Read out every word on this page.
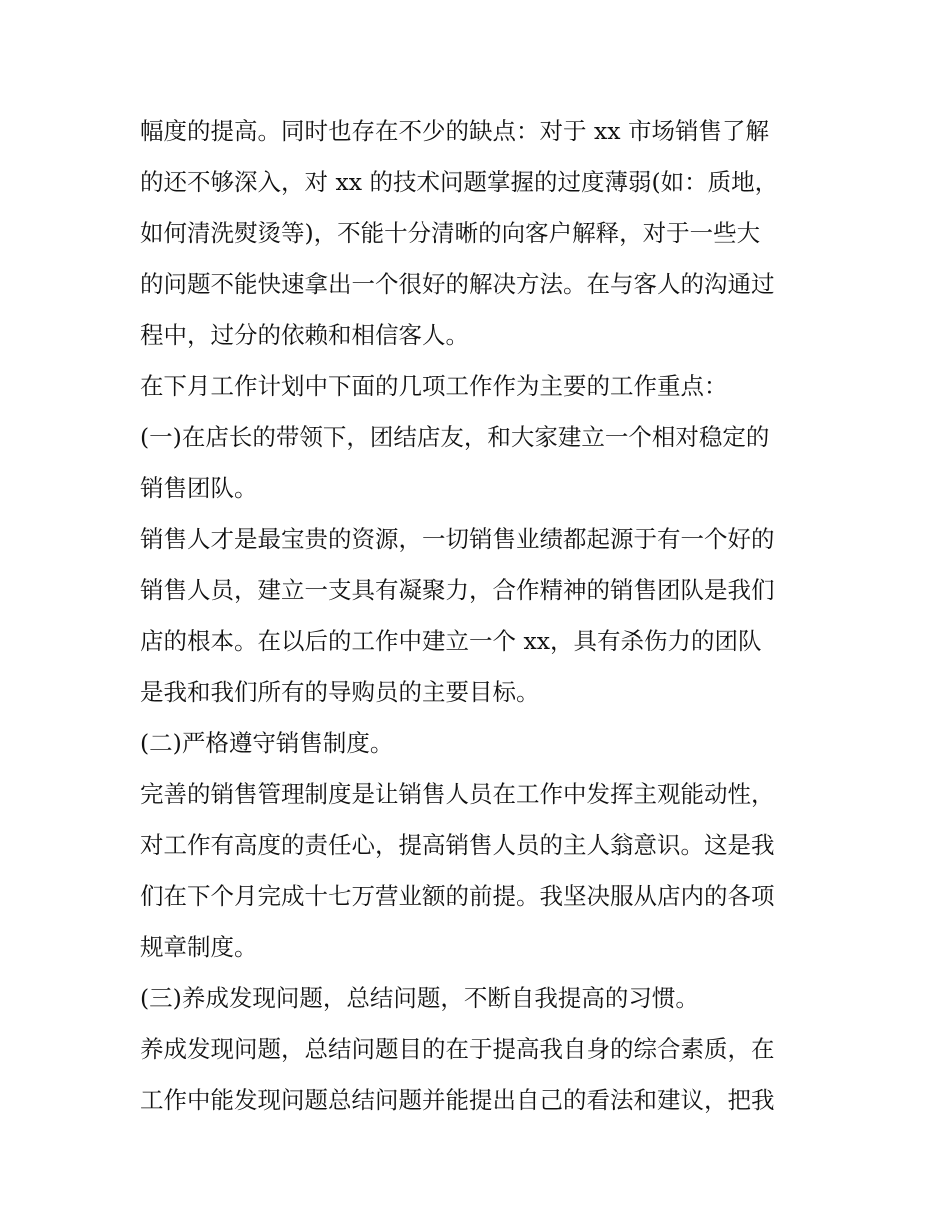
幅度的提高。同时也存在不少的缺点：对于 xx 市场销售了解
的还不够深入，对 xx 的技术问题掌握的过度薄弱(如：质地，
如何清洗熨烫等)，不能十分清晰的向客户解释，对于一些大
的问题不能快速拿出一个很好的解决方法。在与客人的沟通过
程中，过分的依赖和相信客人。
在下月工作计划中下面的几项工作作为主要的工作重点：
(一)在店长的带领下，团结店友，和大家建立一个相对稳定的
销售团队。
销售人才是最宝贵的资源，一切销售业绩都起源于有一个好的
销售人员，建立一支具有凝聚力，合作精神的销售团队是我们
店的根本。在以后的工作中建立一个 xx，具有杀伤力的团队
是我和我们所有的导购员的主要目标。
(二)严格遵守销售制度。
完善的销售管理制度是让销售人员在工作中发挥主观能动性，
对工作有高度的责任心，提高销售人员的主人翁意识。这是我
们在下个月完成十七万营业额的前提。我坚决服从店内的各项
规章制度。
(三)养成发现问题，总结问题，不断自我提高的习惯。
养成发现问题，总结问题目的在于提高我自身的综合素质，在
工作中能发现问题总结问题并能提出自己的看法和建议，把我
